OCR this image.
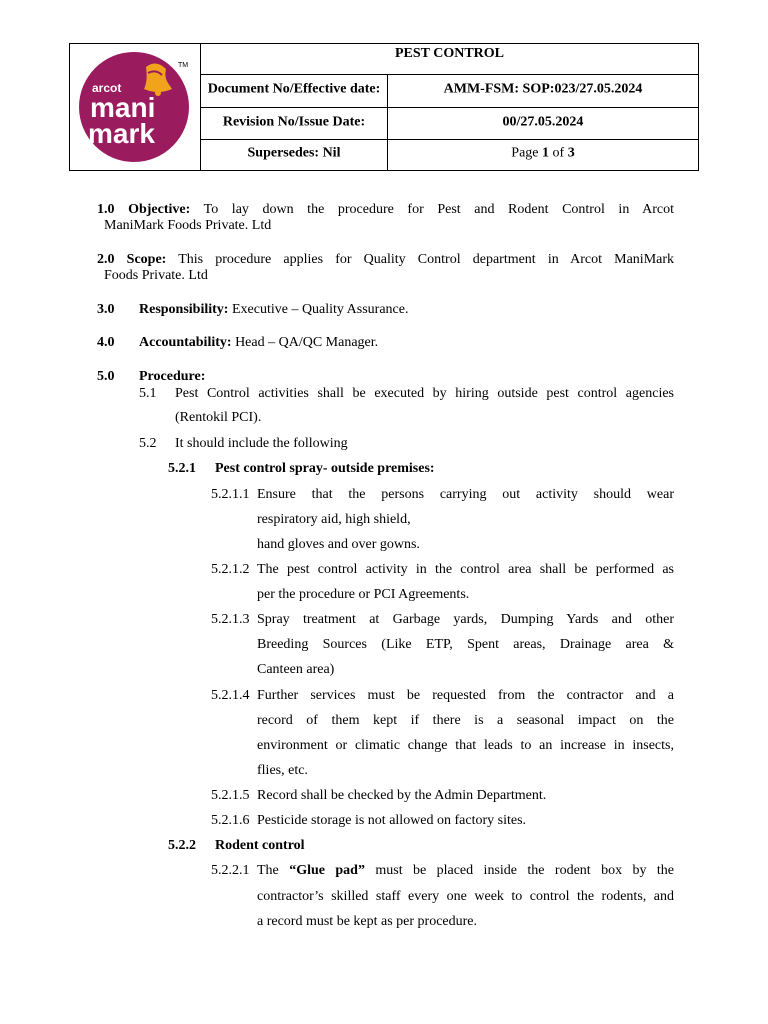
arcot
mani
mark
TM
PEST CONTROL
Document No/Effective date:	AMM-FSM: SOP:023/27.05.2024
Revision No/Issue Date:	00/27.05.2024
Supersedes: Nil	Page 1 of 3
1.0 Objective: To lay down the procedure for Pest and Rodent Control in Arcot
ManiMark Foods Private. Ltd
2.0 Scope: This procedure applies for Quality Control department in Arcot ManiMark
Foods Private. Ltd
3.0 Responsibility: Executive – Quality Assurance.
4.0 Accountability: Head – QA/QC Manager.
5.0 Procedure:
5.1 Pest Control activities shall be executed by hiring outside pest control agencies
(Rentokil PCI).
5.2 It should include the following
5.2.1 Pest control spray- outside premises:
5.2.1.1 Ensure that the persons carrying out activity should wear
respiratory aid, high shield,
hand gloves and over gowns.
5.2.1.2 The pest control activity in the control area shall be performed as
per the procedure or PCI Agreements.
5.2.1.3 Spray treatment at Garbage yards, Dumping Yards and other
Breeding Sources (Like ETP, Spent areas, Drainage area &
Canteen area)
5.2.1.4 Further services must be requested from the contractor and a
record of them kept if there is a seasonal impact on the
environment or climatic change that leads to an increase in insects,
flies, etc.
5.2.1.5 Record shall be checked by the Admin Department.
5.2.1.6 Pesticide storage is not allowed on factory sites.
5.2.2 Rodent control
5.2.2.1 The “Glue pad” must be placed inside the rodent box by the
contractor’s skilled staff every one week to control the rodents, and
a record must be kept as per procedure.
